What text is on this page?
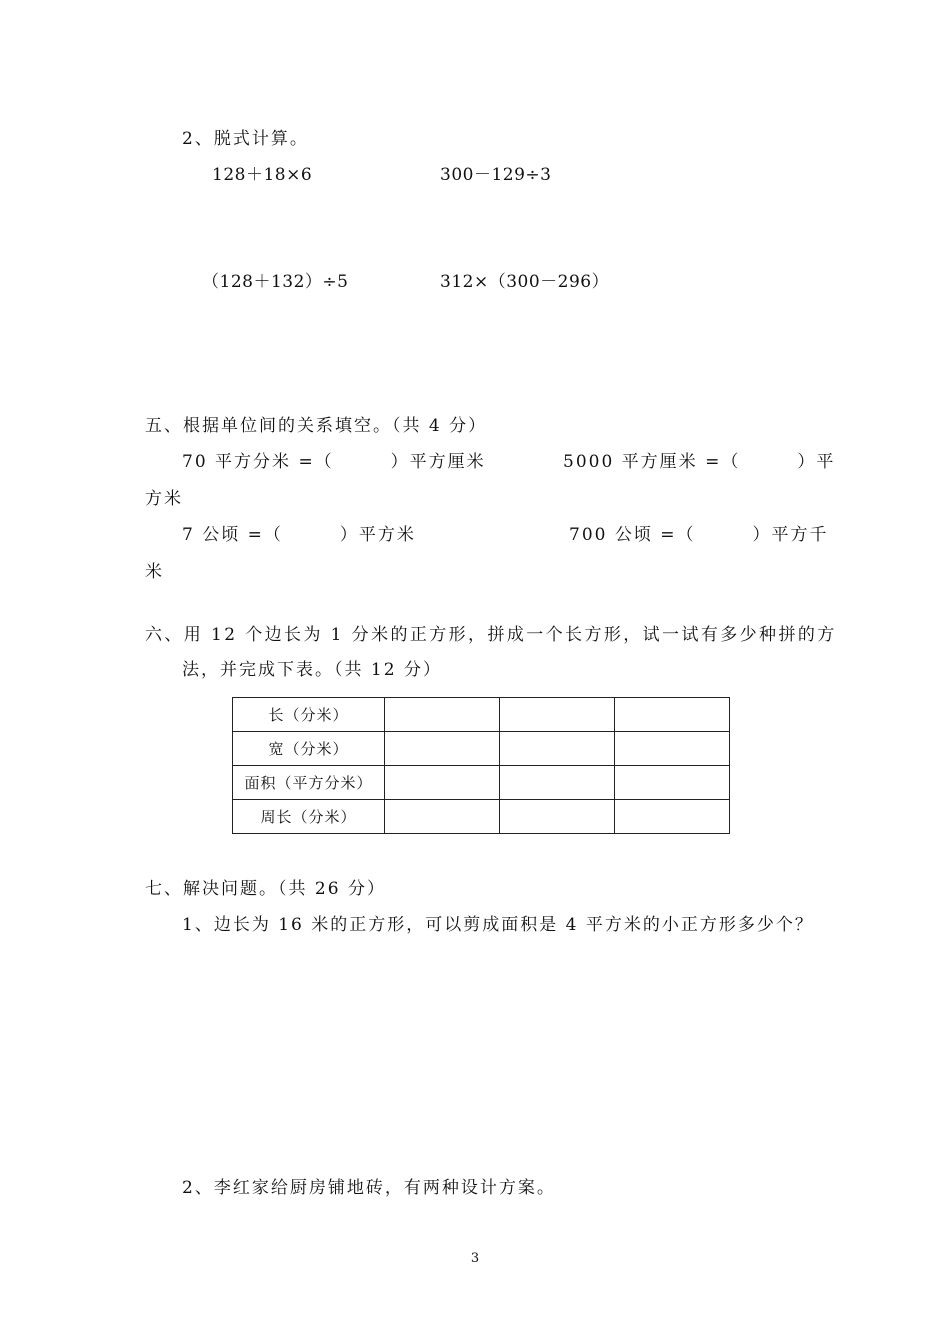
2、脱式计算。
128＋18×6	300－129÷3
（128＋132）÷5	312×（300－296）
五、根据单位间的关系填空。（共 4 分）
70 平方分米 =（　　　）平方厘米	5000 平方厘米 =（　　　）平
方米
7 公顷 =（　　　）平方米	700 公顷 =（　　　）平方千
米
六、用 12 个边长为 1 分米的正方形，拼成一个长方形，试一试有多少种拼的方
法，并完成下表。（共 12 分）
长（分米）			
宽（分米）			
面积（平方分米）			
周长（分米）			
七、解决问题。（共 26 分）
1、边长为 16 米的正方形，可以剪成面积是 4 平方米的小正方形多少个？
2、李红家给厨房铺地砖，有两种设计方案。
3
